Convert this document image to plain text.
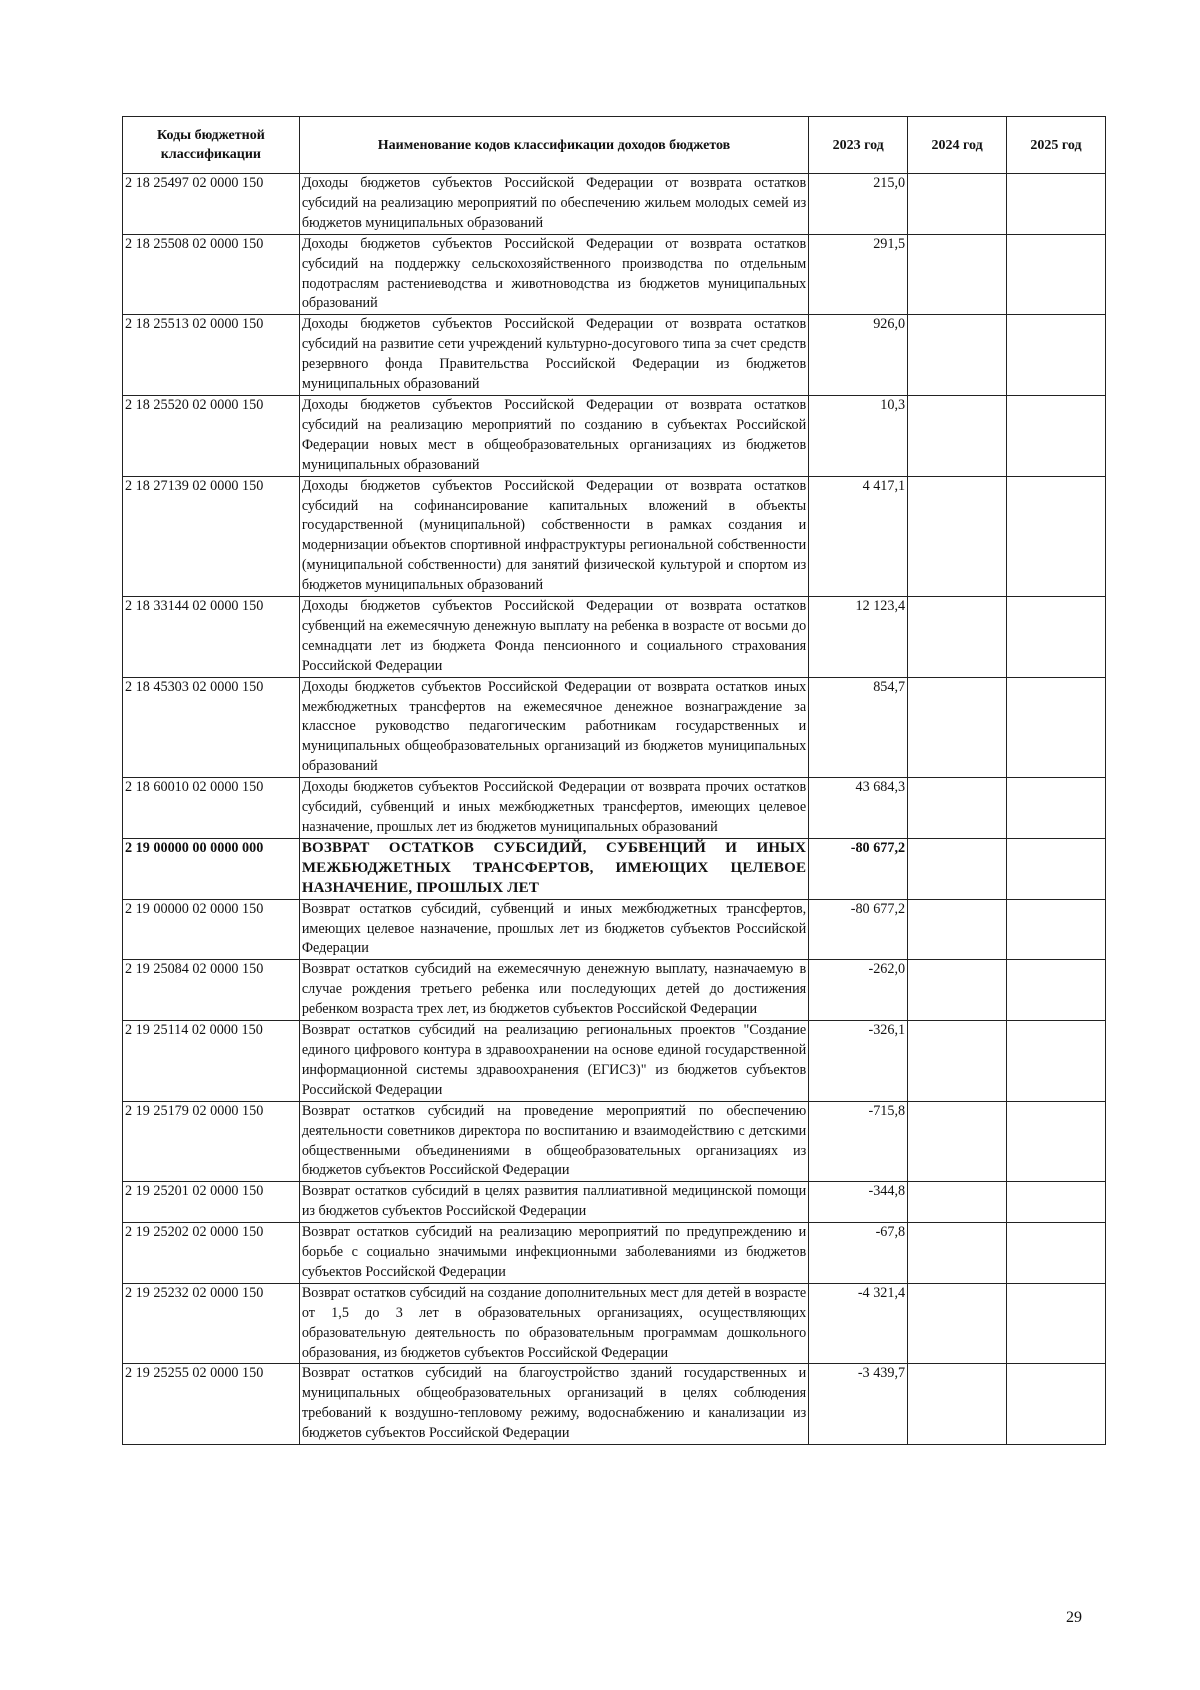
Коды бюджетной классификации	Наименование кодов классификации доходов бюджетов	2023 год	2024 год	2025 год
2 18 25497 02 0000 150	Доходы бюджетов субъектов Российской Федерации от возврата остатков субсидий на реализацию мероприятий по обеспечению жильем молодых семей из бюджетов муниципальных образований	215,0		
2 18 25508 02 0000 150	Доходы бюджетов субъектов Российской Федерации от возврата остатков субсидий на поддержку сельскохозяйственного производства по отдельным подотраслям растениеводства и животноводства из бюджетов муниципальных образований	291,5		
2 18 25513 02 0000 150	Доходы бюджетов субъектов Российской Федерации от возврата остатков субсидий на развитие сети учреждений культурно-досугового типа за счет средств резервного фонда Правительства Российской Федерации из бюджетов муниципальных образований	926,0		
2 18 25520 02 0000 150	Доходы бюджетов субъектов Российской Федерации от возврата остатков субсидий на реализацию мероприятий по созданию в субъектах Российской Федерации новых мест в общеобразовательных организациях из бюджетов муниципальных образований	10,3		
2 18 27139 02 0000 150	Доходы бюджетов субъектов Российской Федерации от возврата остатков субсидий на софинансирование капитальных вложений в объекты государственной (муниципальной) собственности в рамках создания и модернизации объектов спортивной инфраструктуры региональной собственности (муниципальной собственности) для занятий физической культурой и спортом из бюджетов муниципальных образований	4 417,1		
2 18 33144 02 0000 150	Доходы бюджетов субъектов Российской Федерации от возврата остатков субвенций на ежемесячную денежную выплату на ребенка в возрасте от восьми до семнадцати лет из бюджета Фонда пенсионного и социального страхования Российской Федерации	12 123,4		
2 18 45303 02 0000 150	Доходы бюджетов субъектов Российской Федерации от возврата остатков иных межбюджетных трансфертов на ежемесячное денежное вознаграждение за классное руководство педагогическим работникам государственных и муниципальных общеобразовательных организаций из бюджетов муниципальных образований	854,7		
2 18 60010 02 0000 150	Доходы бюджетов субъектов Российской Федерации от возврата прочих остатков субсидий, субвенций и иных межбюджетных трансфертов, имеющих целевое назначение, прошлых лет из бюджетов муниципальных образований	43 684,3		
2 19 00000 00 0000 000	ВОЗВРАТ ОСТАТКОВ СУБСИДИЙ, СУБВЕНЦИЙ И ИНЫХ МЕЖБЮДЖЕТНЫХ ТРАНСФЕРТОВ, ИМЕЮЩИХ ЦЕЛЕВОЕ НАЗНАЧЕНИЕ, ПРОШЛЫХ ЛЕТ	-80 677,2		
2 19 00000 02 0000 150	Возврат остатков субсидий, субвенций и иных межбюджетных трансфертов, имеющих целевое назначение, прошлых лет из бюджетов субъектов Российской Федерации	-80 677,2		
2 19 25084 02 0000 150	Возврат остатков субсидий на ежемесячную денежную выплату, назначаемую в случае рождения третьего ребенка или последующих детей до достижения ребенком возраста трех лет, из бюджетов субъектов Российской Федерации	-262,0		
2 19 25114 02 0000 150	Возврат остатков субсидий на реализацию региональных проектов "Создание единого цифрового контура в здравоохранении на основе единой государственной информационной системы здравоохранения (ЕГИСЗ)" из бюджетов субъектов Российской Федерации	-326,1		
2 19 25179 02 0000 150	Возврат остатков субсидий на проведение мероприятий по обеспечению деятельности советников директора по воспитанию и взаимодействию с детскими общественными объединениями в общеобразовательных организациях из бюджетов субъектов Российской Федерации	-715,8		
2 19 25201 02 0000 150	Возврат остатков субсидий в целях развития паллиативной медицинской помощи из бюджетов субъектов Российской Федерации	-344,8		
2 19 25202 02 0000 150	Возврат остатков субсидий на реализацию мероприятий по предупреждению и борьбе с социально значимыми инфекционными заболеваниями из бюджетов субъектов Российской Федерации	-67,8		
2 19 25232 02 0000 150	Возврат остатков субсидий на создание дополнительных мест для детей в возрасте от 1,5 до 3 лет в образовательных организациях, осуществляющих образовательную деятельность по образовательным программам дошкольного образования, из бюджетов субъектов Российской Федерации	-4 321,4		
2 19 25255 02 0000 150	Возврат остатков субсидий на благоустройство зданий государственных и муниципальных общеобразовательных организаций в целях соблюдения требований к воздушно-тепловому режиму, водоснабжению и канализации из бюджетов субъектов Российской Федерации	-3 439,7		
29
